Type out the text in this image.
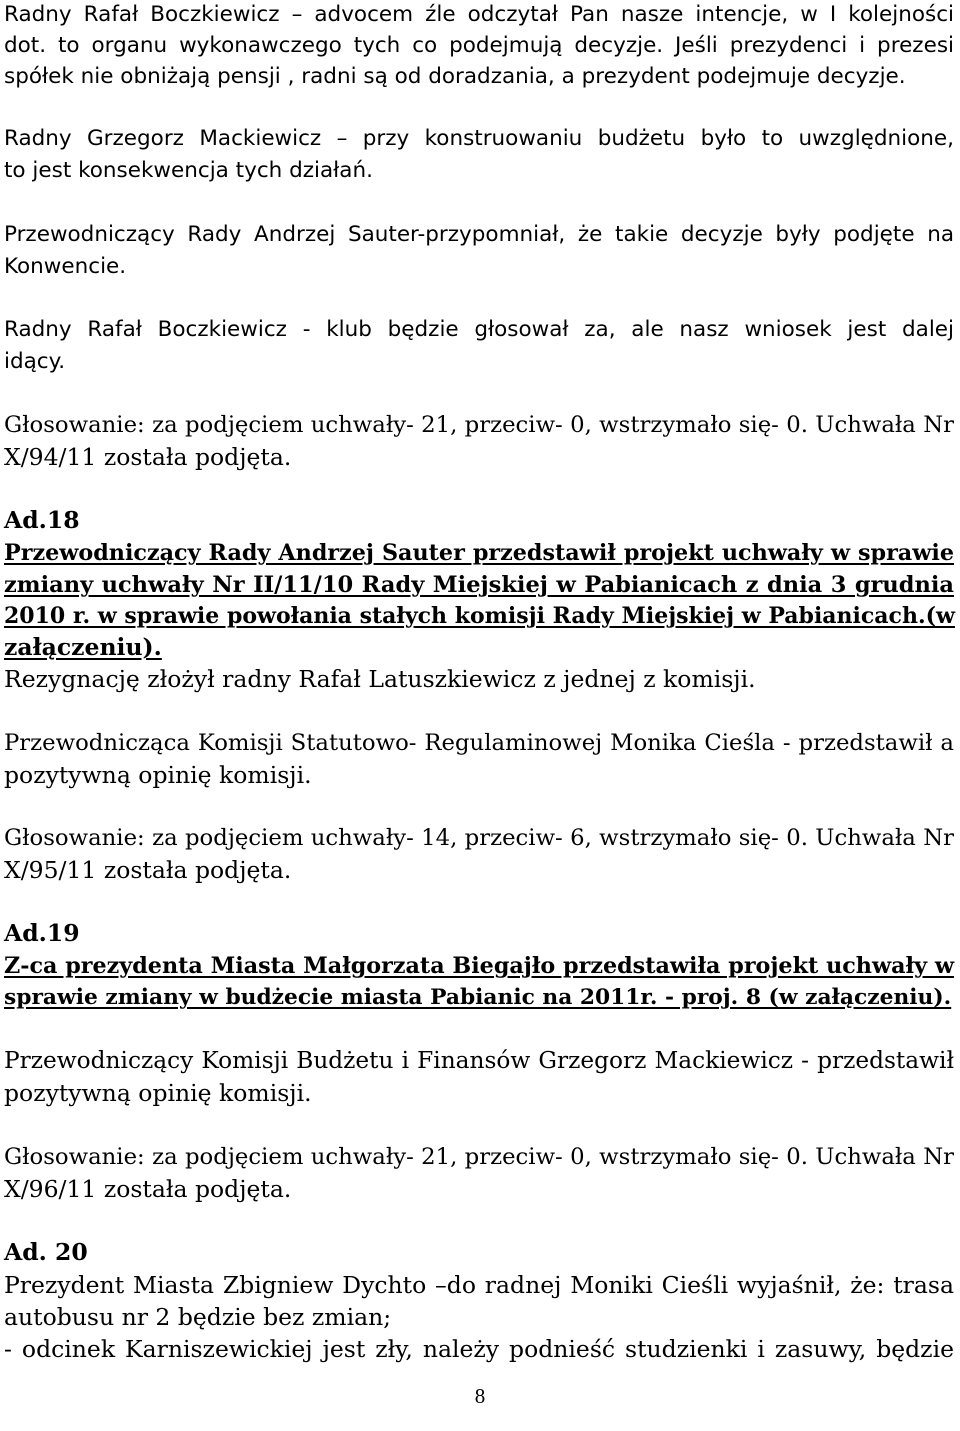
Radny Rafał Boczkiewicz – advocem źle odczytał Pan nasze intencje, w I kolejności
dot. to organu wykonawczego tych co podejmują decyzje. Jeśli prezydenci i prezesi
spółek nie obniżają pensji , radni są od doradzania, a prezydent podejmuje decyzje.
Radny Grzegorz Mackiewicz – przy konstruowaniu budżetu było to uwzględnione,
to jest konsekwencja tych działań.
Przewodniczący Rady Andrzej Sauter-przypomniał, że takie decyzje były podjęte na
Konwencie.
Radny Rafał Boczkiewicz - klub będzie głosował za, ale nasz wniosek jest dalej
idący.
Głosowanie: za podjęciem uchwały- 21, przeciw- 0, wstrzymało się- 0. Uchwała Nr
X/94/11 została podjęta.
Ad.18
Przewodniczący Rady Andrzej Sauter przedstawił projekt uchwały w sprawie
zmiany uchwały Nr II/11/10 Rady Miejskiej w Pabianicach z dnia 3 grudnia
2010 r. w sprawie powołania stałych komisji Rady Miejskiej w Pabianicach.(w
załączeniu).
Rezygnację złożył radny Rafał Latuszkiewicz z jednej z komisji.
Przewodnicząca Komisji Statutowo- Regulaminowej Monika Cieśla - przedstawił a
pozytywną opinię komisji.
Głosowanie: za podjęciem uchwały- 14, przeciw- 6, wstrzymało się- 0. Uchwała Nr
X/95/11 została podjęta.
Ad.19
Z-ca prezydenta Miasta Małgorzata Biegajło przedstawiła projekt uchwały w
sprawie zmiany w budżecie miasta Pabianic na 2011r. - proj. 8 (w załączeniu).
Przewodniczący Komisji Budżetu i Finansów Grzegorz Mackiewicz - przedstawił
pozytywną opinię komisji.
Głosowanie: za podjęciem uchwały- 21, przeciw- 0, wstrzymało się- 0. Uchwała Nr
X/96/11 została podjęta.
Ad. 20
Prezydent Miasta Zbigniew Dychto –do radnej Moniki Cieśli wyjaśnił, że: trasa
autobusu nr 2 będzie bez zmian;
- odcinek Karniszewickiej jest zły, należy podnieść studzienki i zasuwy, będzie
8
